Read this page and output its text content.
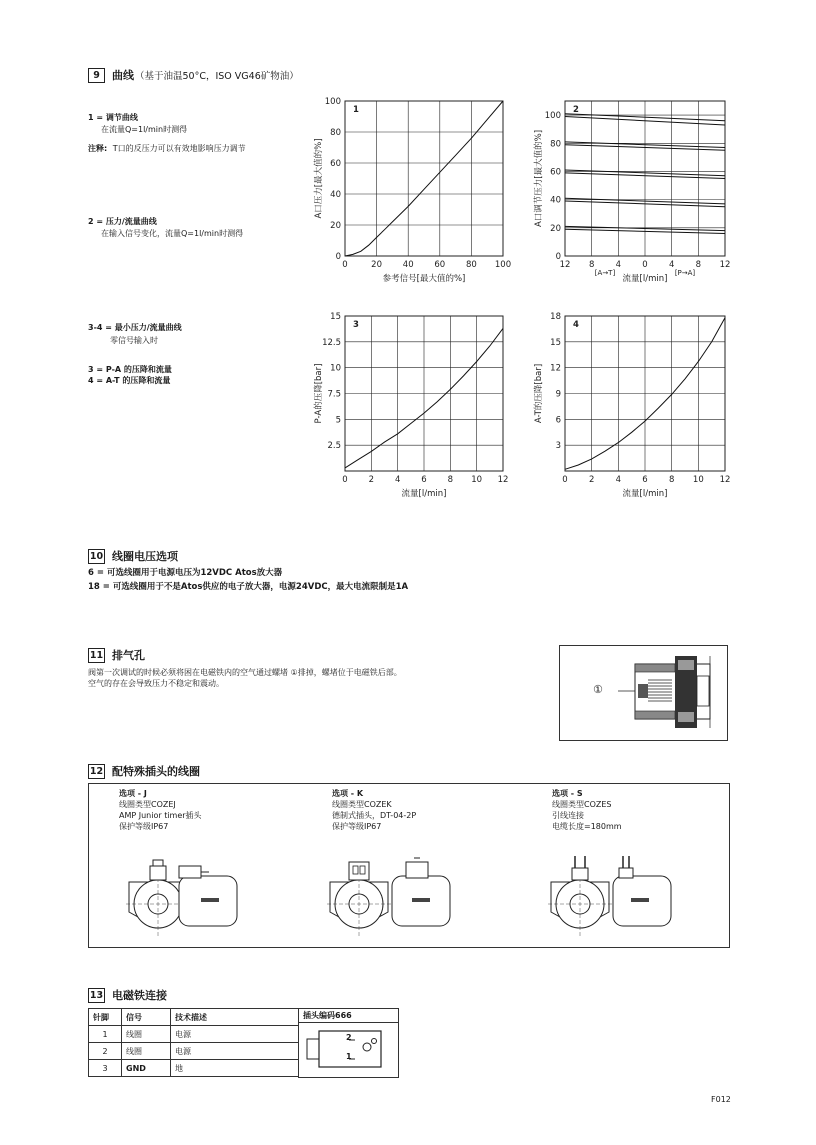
9	曲线 （基于油温50°C，ISO VG46矿物油）
1 = 调节曲线
在流量Q=1l/min时测得
注释: T口的反压力可以有效地影响压力调节
2 = 压力/流量曲线
在输入信号变化，流量Q=1l/min时测得
3-4 = 最小压力/流量曲线
零信号输入时
3 = P-A 的压降和流量
4 = A-T 的压降和流量
0	20 40 60 80 100
20
40
60
80
100
0
1
参考信号[最大值的%]
A口压力[最大值的%]
12 8 4 0 4 8 12
0
20
40
60
80
100
2
流量[l/min]
A口调节压力[最大值的%]
[A→T]	[P→A]
0 2 4 6 8 10 12
2.5
5
7.5
10
12.5
15
3
流量[l/min]
P-A的压降[bar]
0 2 4 6 8 10 12
3
6
9
12
15
18
4
流量[l/min]
A-T的压降[bar]
10 线圈电压选项
6 = 可选线圈用于电源电压为12VDC Atos放大器
18 = 可选线圈用于不是Atos供应的电子放大器，电源24VDC，最大电流限制是1A
11 排气孔
阀第一次调试的时候必须将困在电磁铁内的空气通过螺堵 ①排掉，螺堵位于电磁铁后部。
空气的存在会导致压力不稳定和震动。	①
12 配特殊插头的线圈
选项 - J
线圈类型COZEJ
AMP Junior timer插头
保护等级IP67
选项 - K
线圈类型COZEK
德制式插头，DT-04-2P
保护等级IP67
选项 - S
线圈类型COZES
引线连接
电缆长度=180mm
13 电磁铁连接
针脚	信号	技术描述
1	线圈	电源
2	线圈	电源
3	GND	地
插头编码666
2
1
F012
